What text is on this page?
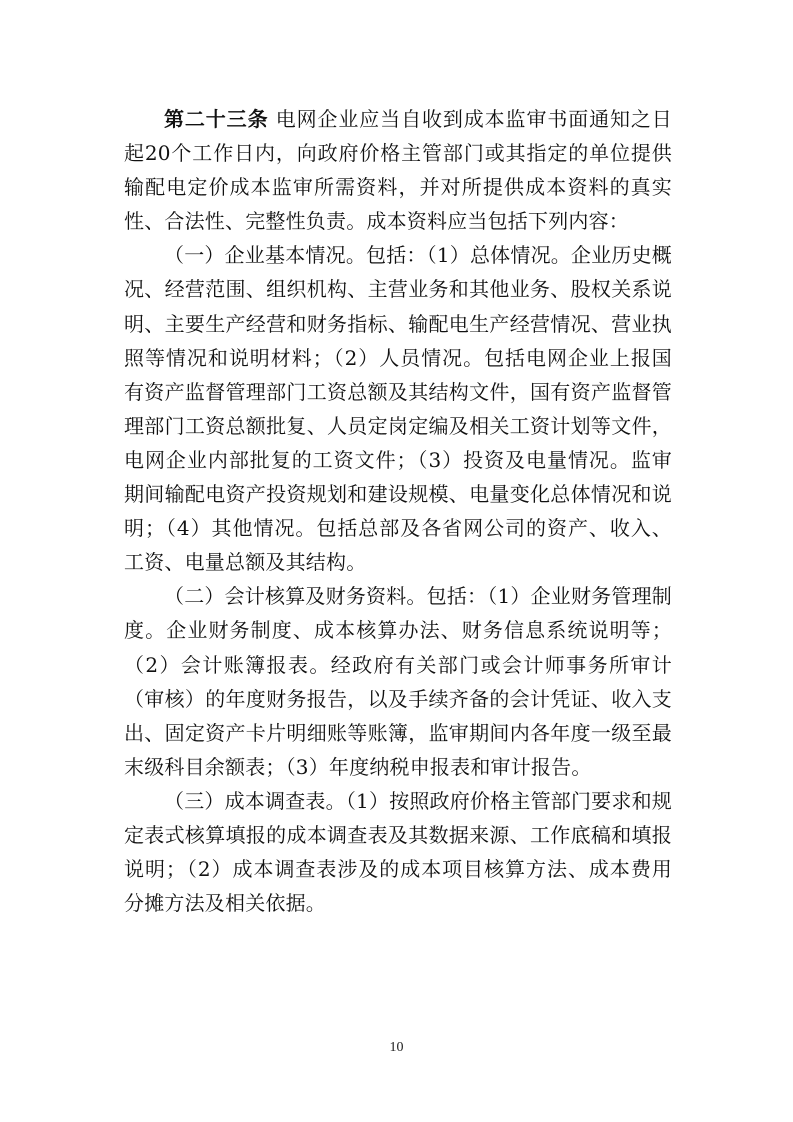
第二十三条 电网企业应当自收到成本监审书面通知之日起20个工作日内，向政府价格主管部门或其指定的单位提供输配电定价成本监审所需资料，并对所提供成本资料的真实性、合法性、完整性负责。成本资料应当包括下列内容：

（一）企业基本情况。包括：（1）总体情况。企业历史概况、经营范围、组织机构、主营业务和其他业务、股权关系说明、主要生产经营和财务指标、输配电生产经营情况、营业执照等情况和说明材料；（2）人员情况。包括电网企业上报国有资产监督管理部门工资总额及其结构文件，国有资产监督管理部门工资总额批复、人员定岗定编及相关工资计划等文件，电网企业内部批复的工资文件；（3）投资及电量情况。监审期间输配电资产投资规划和建设规模、电量变化总体情况和说明；（4）其他情况。包括总部及各省网公司的资产、收入、工资、电量总额及其结构。

（二）会计核算及财务资料。包括：（1）企业财务管理制度。企业财务制度、成本核算办法、财务信息系统说明等；（2）会计账簿报表。经政府有关部门或会计师事务所审计（审核）的年度财务报告，以及手续齐备的会计凭证、收入支出、固定资产卡片明细账等账簿，监审期间内各年度一级至最末级科目余额表；（3）年度纳税申报表和审计报告。

（三）成本调查表。（1）按照政府价格主管部门要求和规定表式核算填报的成本调查表及其数据来源、工作底稿和填报说明；（2）成本调查表涉及的成本项目核算方法、成本费用分摊方法及相关依据。

10
